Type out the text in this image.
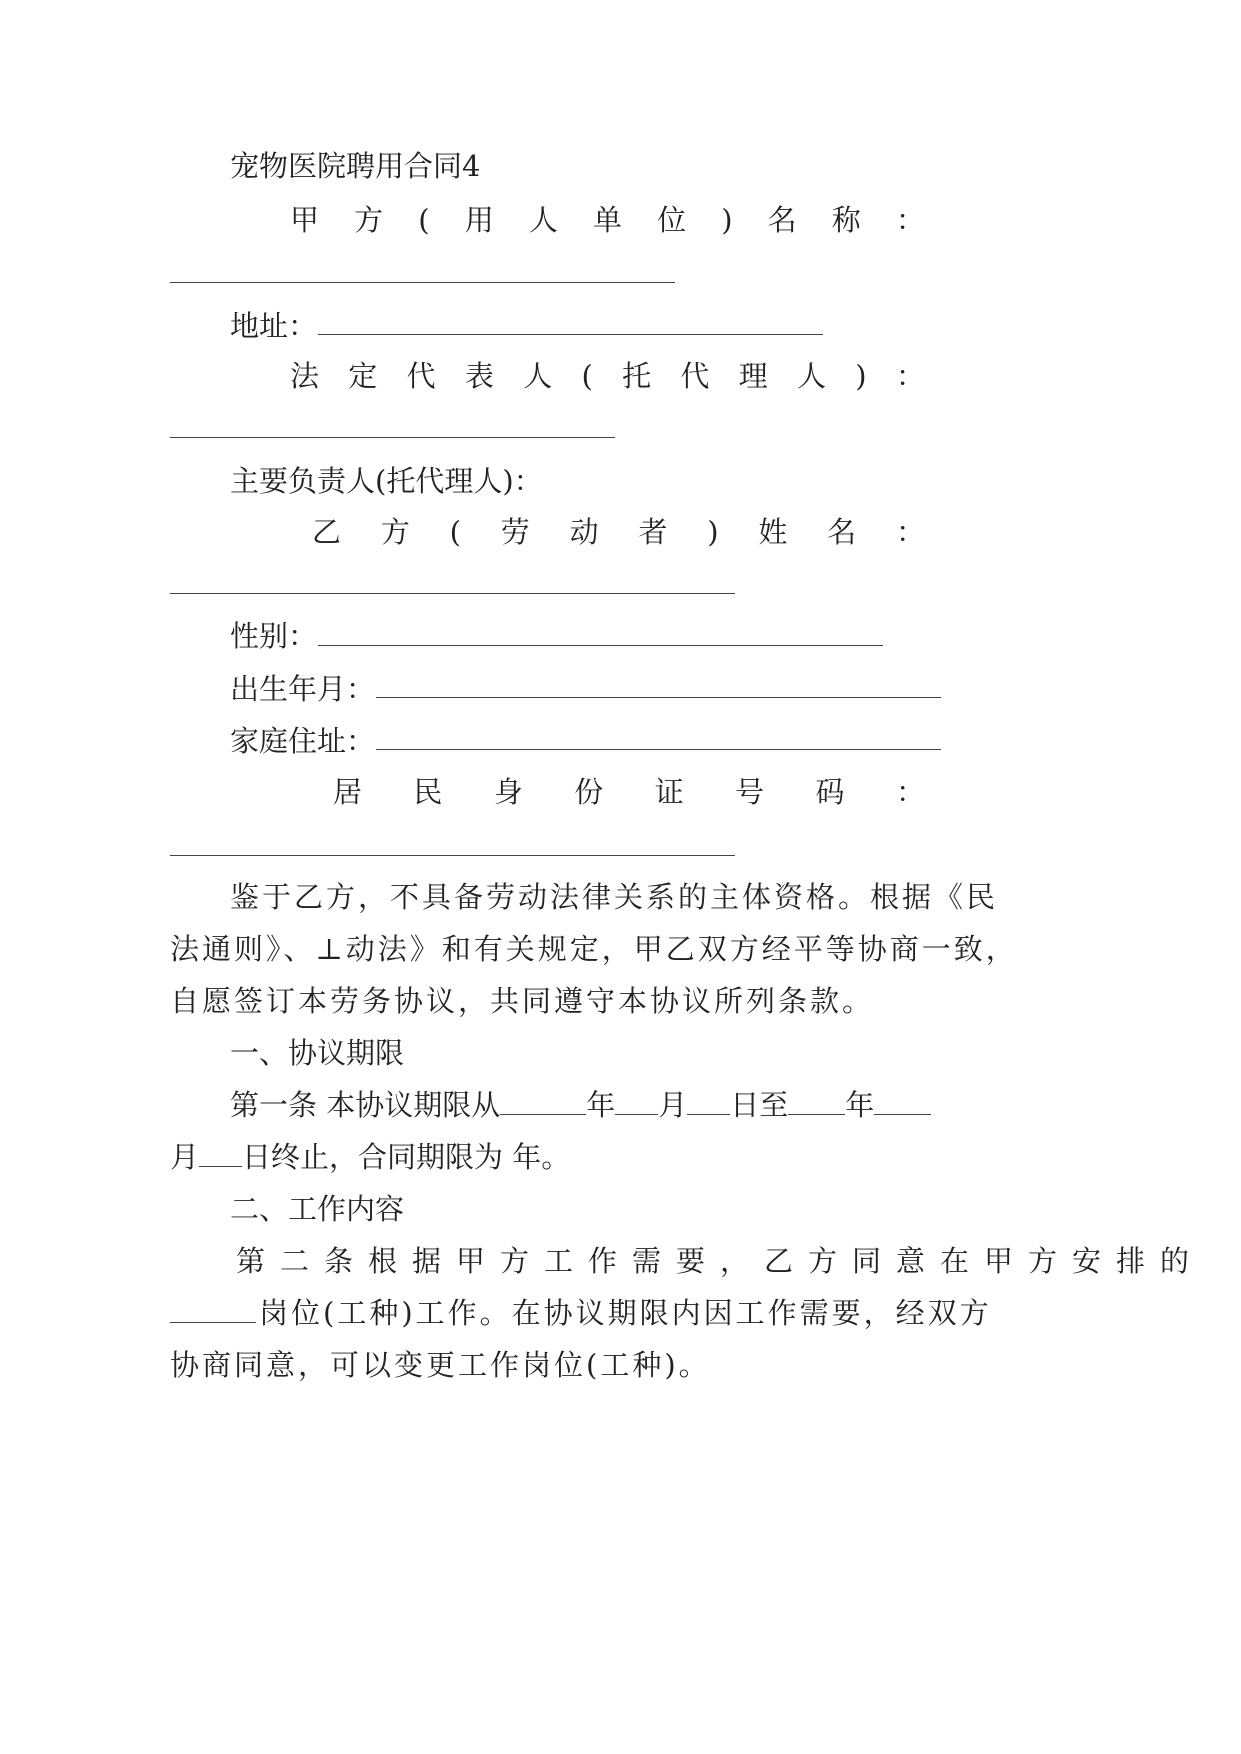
宠物医院聘用合同4

甲 方 ( 用 人 单 位 ) 名 称 ：

地址：

法 定 代 表 人 ( 托 代 理 人 ) ：

主要负责人(托代理人)：

乙 方 ( 劳 动 者 ) 姓 名 ：

性别：

出生年月：

家庭住址：

居 民 身 份 证 号 码 ：

鉴于乙方，不具备劳动法律关系的主体资格。根据《民

法通则》、⊥动法》和有关规定，甲乙双方经平等协商一致，

自愿签订本劳务协议，共同遵守本协议所列条款。

一、协议期限

第一条 本协议期限从	年 月 日至 年
月 日终止，合同期限为 年。

二、工作内容

第二条根据甲方工作需要，乙方同意在甲方安排的

岗位(工种)工作。在协议期限内因工作需要，经双方

协商同意，可以变更工作岗位(工种)。
